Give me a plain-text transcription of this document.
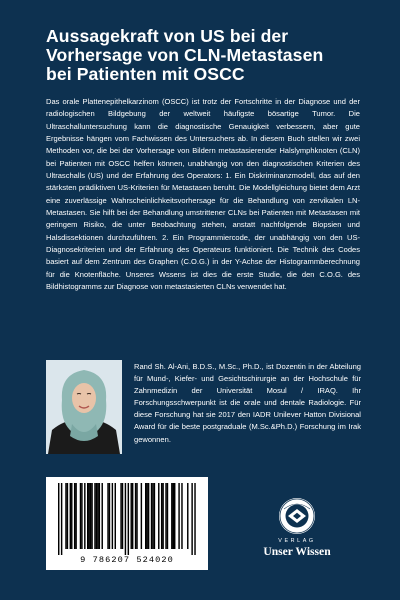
Aussagekraft von US bei der
Vorhersage von CLN-Metastasen
bei Patienten mit OSCC

Das orale Plattenepithelkarzinom (OSCC) ist trotz der Fortschritte in der Diagnose und der radiologischen Bildgebung der weltweit häufigste bösartige Tumor. Die Ultraschalluntersuchung kann die diagnostische Genauigkeit verbessern, aber gute Ergebnisse hängen vom Fachwissen des Untersuchers ab. In diesem Buch stellen wir zwei Methoden vor, die bei der Vorhersage von Bildern metastasierender Halslymphknoten (CLN) bei Patienten mit OSCC helfen können, unabhängig von den diagnostischen Kriterien des Ultraschalls (US) und der Erfahrung des Operators: 1. Ein Diskriminanzmodell, das auf den stärksten prädiktiven US-Kriterien für Metastasen beruht. Die Modellgleichung bietet dem Arzt eine zuverlässige Wahrscheinlichkeitsvorhersage für die Behandlung von zervikalen LN-Metastasen. Sie hilft bei der Behandlung umstrittener CLNs bei Patienten mit Metastasen mit geringem Risiko, die unter Beobachtung stehen, anstatt nachfolgende Biopsien und Halsdissektionen durchzuführen. 2. Ein Programmiercode, der unabhängig von den US-Diagnosekriterien und der Erfahrung des Operateurs funktioniert. Die Technik des Codes basiert auf dem Zentrum des Graphen (C.O.G.) in der Y-Achse der Histogrammberechnung für die Knotenfläche. Unseres Wssens ist dies die erste Studie, die den C.O.G. des Bildhistogramms zur Diagnose von metastasierten CLNs verwendet hat.

Rand Sh. Al-Ani, B.D.S., M.Sc., Ph.D., ist Dozentin in der Abteilung für Mund-, Kiefer- und Gesichtschirurgie an der Hochschule für Zahnmedizin der Universität Mosul / IRAQ. Ihr Forschungsschwerpunkt ist die orale und dentale Radiologie. Für diese Forschung hat sie 2017 den IADR Unilever Hatton Divisional Award für die beste postgraduale (M.Sc.&Ph.D.) Forschung im Irak gewonnen.

9 786207 524020
VERLAG
Unser Wissen
